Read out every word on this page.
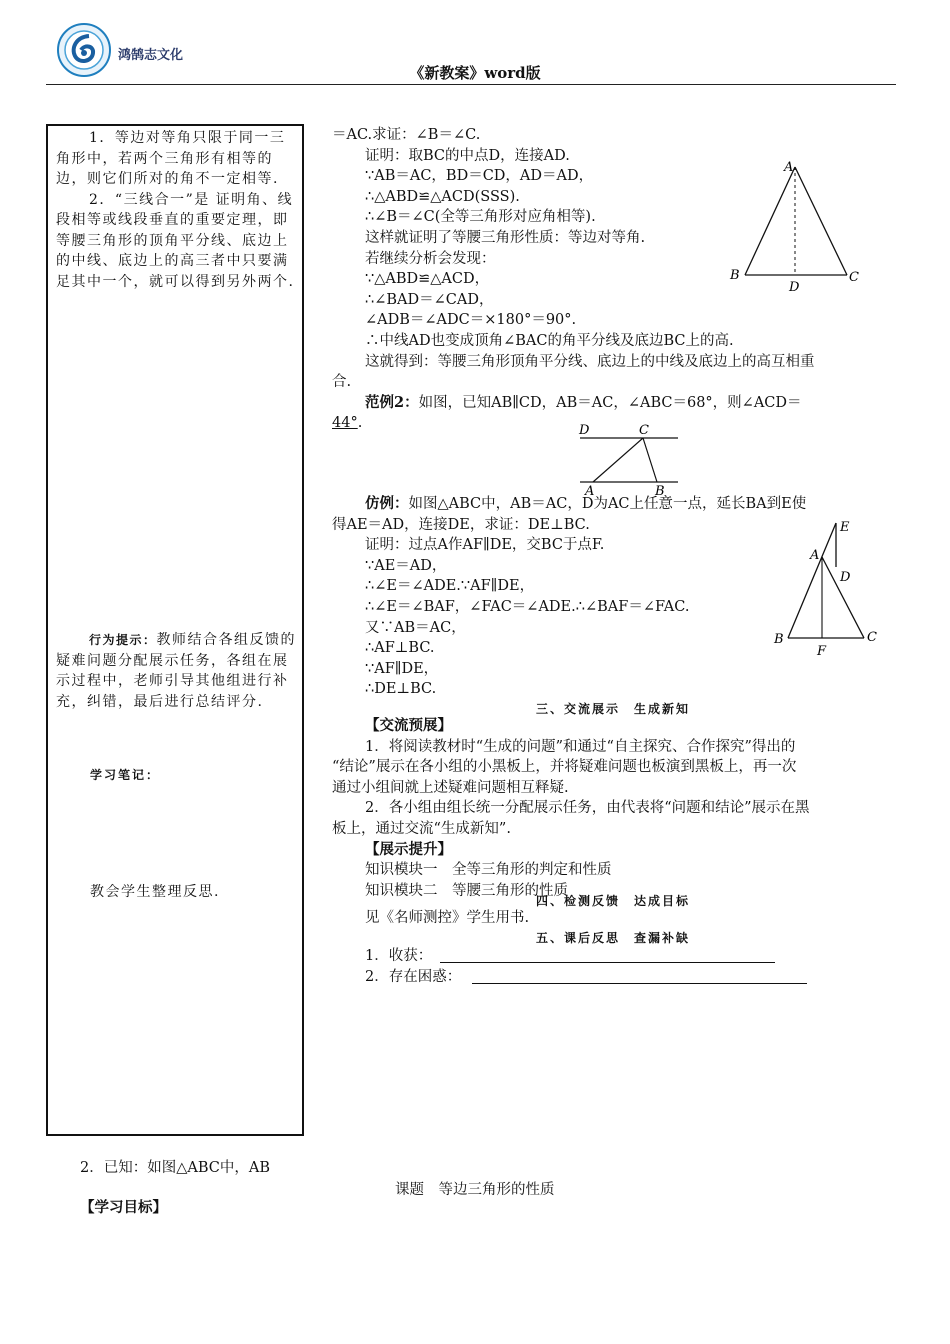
鸿鹄志文化
《新教案》word版

1．等边对等角只限于同一三角形中，若两个三角形有相等的边，则它们所对的角不一定相等.

2．“三线合一”是 证明角、线段相等或线段垂直的重要定理，即等腰三角形的顶角平分线、底边上的中线、底边上的高三者中只要满足其中一个，就可以得到另外两个.

行为提示：教师结合各组反馈的疑难问题分配展示任务，各组在展示过程中，老师引导其他组进行补充，纠错，最后进行总结评分.
学习笔记：
教会学生整理反思.
＝AC.求证：∠B＝∠C.
证明：取BC的中点D，连接AD.
∵AB＝AC，BD＝CD，AD＝AD，
∴△ABD≌△ACD(SSS).
∴∠B＝∠C(全等三角形对应角相等).
这样就证明了等腰三角形性质：等边对等角.
若继续分析会发现：
∵△ABD≌△ACD，
∴∠BAD＝∠CAD，
∠ADB＝∠ADC＝×180°＝90°.
∴中线AD也变成顶角∠BAC的角平分线及底边BC上的高.
这就得到：等腰三角形顶角平分线、底边上的中线及底边上的高互相重
合.
范例2：如图，已知AB∥CD，AB＝AC，∠ABC＝68°，则∠ACD＝
44°.
仿例：如图△ABC中，AB＝AC，D为AC上任意一点，延长BA到E使
得AE＝AD，连接DE，求证：DE⊥BC.
证明：过点A作AF∥DE，交BC于点F.
∵AE＝AD，
∴∠E＝∠ADE.∵AF∥DE，
∴∠E＝∠BAF，∠FAC＝∠ADE.∴∠BAF＝∠FAC.
又∵AB＝AC，
∴AF⊥BC.
∵AF∥DE，
∴DE⊥BC.
三、交流展示　生成新知
【交流预展】
1．将阅读教材时“生成的问题”和通过“自主探究、合作探究”得出的
“结论”展示在各小组的小黑板上，并将疑难问题也板演到黑板上，再一次
通过小组间就上述疑难问题相互释疑.
2．各小组由组长统一分配展示任务，由代表将“问题和结论”展示在黑
板上，通过交流“生成新知”.
【展示提升】
知识模块一　全等三角形的判定和性质
知识模块二　等腰三角形的性质
四、检测反馈　达成目标
见《名师测控》学生用书.
五、课后反思　查漏补缺
1．收获：
2．存在困惑：
A
B	C
D
D	C
A	B
E
A
D
B
F
C
2．已知：如图△ABC中，AB
课题　等边三角形的性质
【学习目标】
